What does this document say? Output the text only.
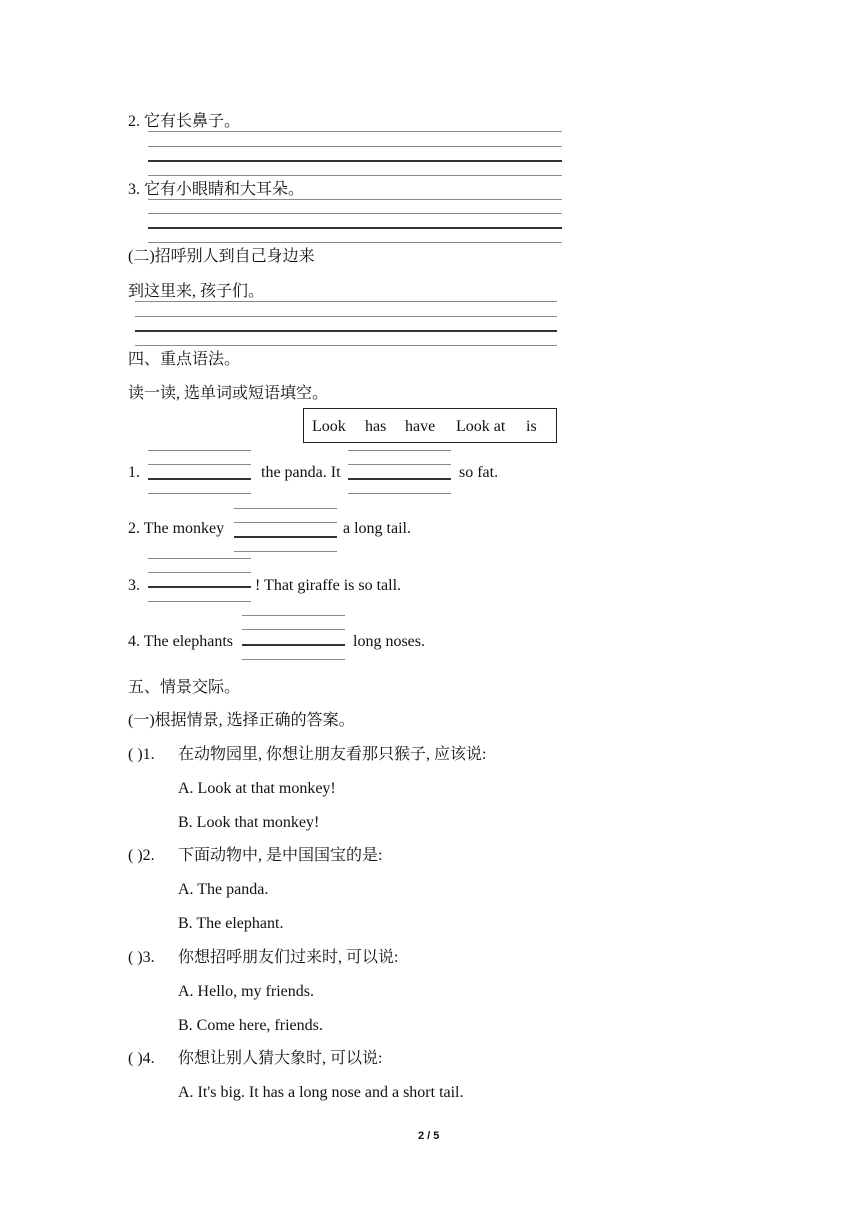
2. 它有长鼻子。
3. 它有小眼睛和大耳朵。
(二)招呼别人到自己身边来
到这里来, 孩子们。
四、重点语法。
读一读, 选单词或短语填空。
Look has have Look at is
1.	the panda. It	so fat.
2. The monkey	a long tail.
3.	! That giraffe is so tall.
4. The elephants	long noses.
五、情景交际。
(一)根据情景, 选择正确的答案。
( )1. 在动物园里, 你想让朋友看那只猴子, 应该说:
A. Look at that monkey!
B. Look that monkey!
( )2. 下面动物中, 是中国国宝的是:
A. The panda.
B. The elephant.
( )3. 你想招呼朋友们过来时, 可以说:
A. Hello, my friends.
B. Come here, friends.
( )4. 你想让别人猜大象时, 可以说:
A. It's big. It has a long nose and a short tail.
2 / 5
